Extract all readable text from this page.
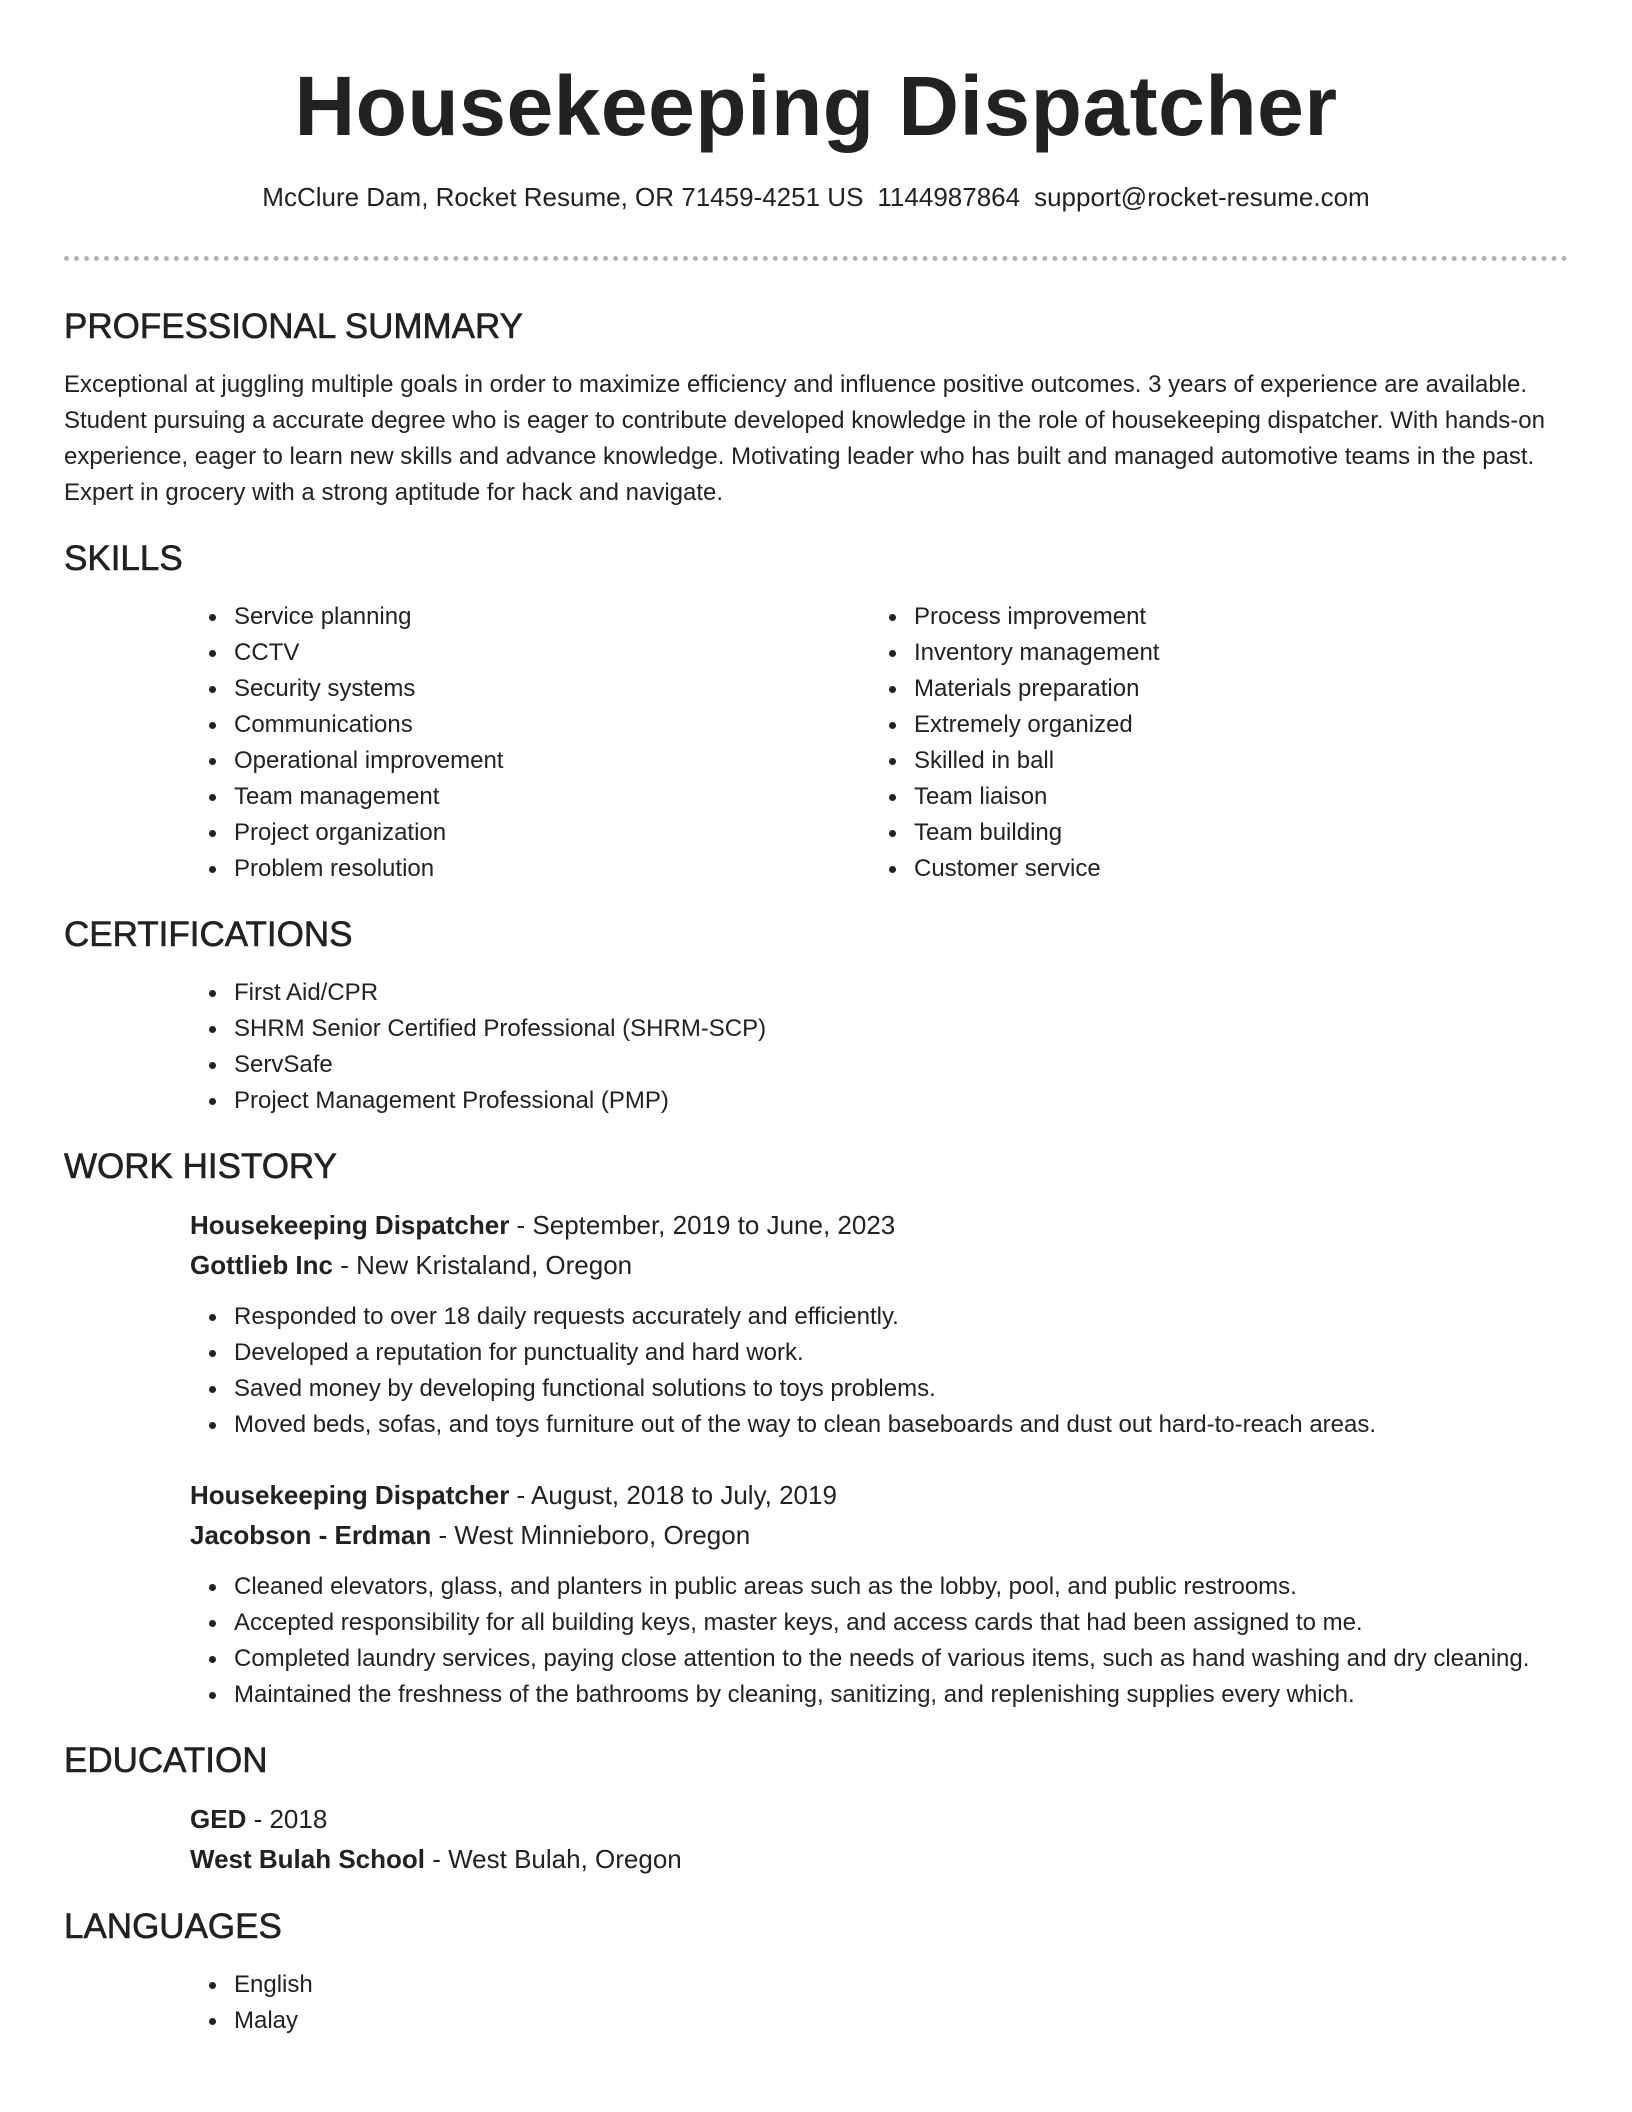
Housekeeping Dispatcher
McClure Dam, Rocket Resume, OR 71459-4251 US 1144987864 support@rocket-resume.com
PROFESSIONAL SUMMARY

Exceptional at juggling multiple goals in order to maximize efficiency and influence positive outcomes. 3 years of experience are available. Student pursuing a accurate degree who is eager to contribute developed knowledge in the role of housekeeping dispatcher. With hands-on experience, eager to learn new skills and advance knowledge. Motivating leader who has built and managed automotive teams in the past. Expert in grocery with a strong aptitude for hack and navigate.

SKILLS
Service planning
CCTV
Security systems
Communications
Operational improvement
Team management
Project organization
Problem resolution
Process improvement
Inventory management
Materials preparation
Extremely organized
Skilled in ball
Team liaison
Team building
Customer service
CERTIFICATIONS
First Aid/CPR
SHRM Senior Certified Professional (SHRM-SCP)
ServSafe
Project Management Professional (PMP)
WORK HISTORY
Housekeeping Dispatcher - September, 2019 to June, 2023
Gottlieb Inc - New Kristaland, Oregon
Responded to over 18 daily requests accurately and efficiently.
Developed a reputation for punctuality and hard work.
Saved money by developing functional solutions to toys problems.
Moved beds, sofas, and toys furniture out of the way to clean baseboards and dust out hard-to-reach areas.
Housekeeping Dispatcher - August, 2018 to July, 2019
Jacobson - Erdman - West Minnieboro, Oregon
Cleaned elevators, glass, and planters in public areas such as the lobby, pool, and public restrooms.
Accepted responsibility for all building keys, master keys, and access cards that had been assigned to me.
Completed laundry services, paying close attention to the needs of various items, such as hand washing and dry cleaning.
Maintained the freshness of the bathrooms by cleaning, sanitizing, and replenishing supplies every which.
EDUCATION
GED - 2018
West Bulah School - West Bulah, Oregon
LANGUAGES
English
Malay
